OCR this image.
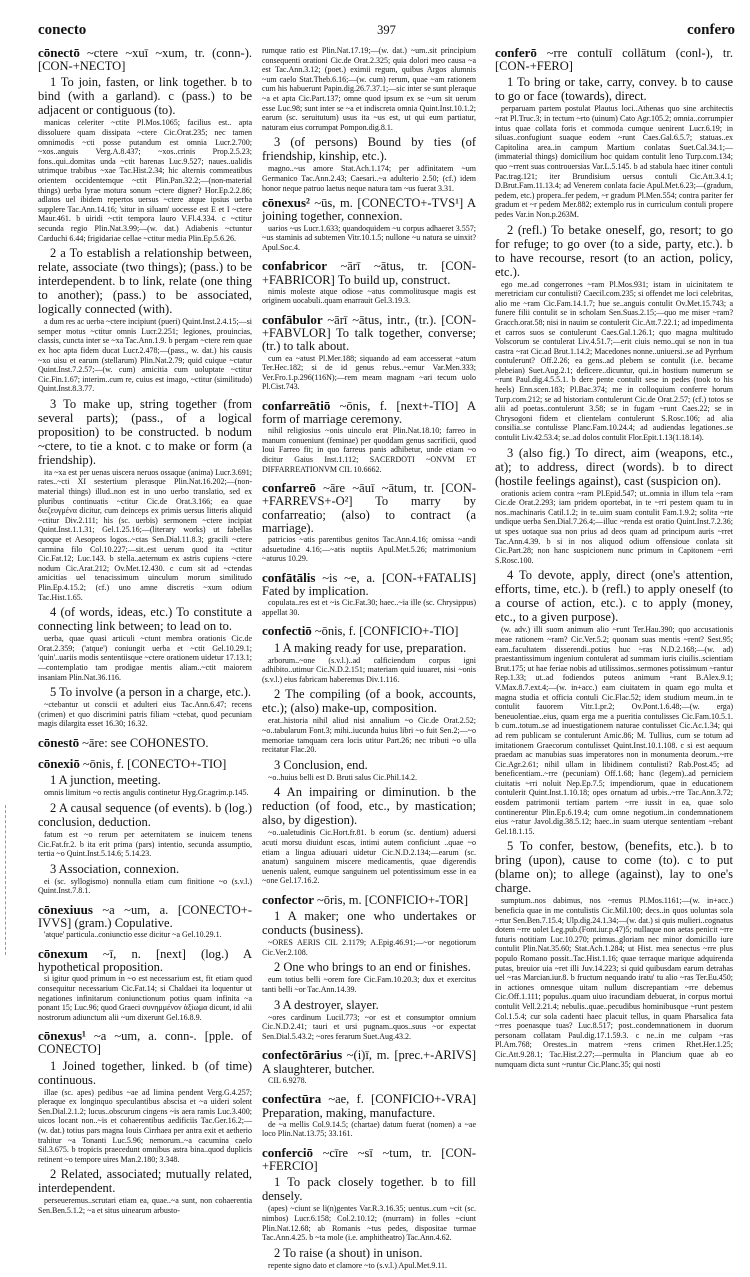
conecto	397	confero
cōnectō ~ctere ~xuī ~xum, tr. (conn-). [CON-+NECTO]
1 To join, fasten, or link together. b to bind (with a garland). c (pass.) to be adjacent or contiguous (to).
manicas celeriter ~ctite Pl.Mos.1065; facilius est.. apta dissoluere quam dissipata ~ctere Cic.Orat.235; nec tamen omnimodis ~cti posse putandum est omnia Lucr.2.700; ~xos..anguis Verg.A.8.437; ~xos..crinis Prop.2.5.23; fons..qui..domitas unda ~ctit harenas Luc.9.527; naues..ualidis utrimque trabibus ~xae Tac.Hist.2.34; hic alternis commeatibus orientem occidentemque ~ctit Plin.Pan.32.2;—(non-material things) uerba lyrae motura sonum ~ctere digner? Hor.Ep.2.2.86; adlatos uel ibidem repertos uersus ~ctere atque ipsius uerba supplere Tac.Ann.14.16; 'situr in siluam' uocesse est E et I ~ctere Maur.461. b uiridi ~ctit tempora lauro V.Fl.4.334. c ~ctitur secunda regio Plin.Nat.3.99;—(w. dat.) Adiabenis ~ctuntur Carduchi 6.44; frigidariae cellae ~ctitur media Plin.Ep.5.6.26.
2 a To establish a relationship between, relate, associate (two things); (pass.) to be interdependent. b to link, relate (one thing to another); (pass.) to be associated, logically connected (with).
a dum res ac uerba ~ctere incipiunt (pueri) Quint.Inst.2.4.15;—si semper motus ~ctitur omnis Lucr.2.251; legiones, prouincias, classis, cuncta inter se ~xa Tac.Ann.1.9. b pergam ~ctere rem quae ex hoc apta fidem ducat Lucr.2.478;—(pass., w. dat.) his causis ~xo uisu et earum (stellarum) Plin.Nat.2.79; quid cuique ~ctatur Quint.Inst.7.2.57;—(w. cum) amicitia cum uoluptate ~ctitur Cic.Fin.1.67; interim..cum re, cuius est imago, ~ctitur (similitudo) Quint.Inst.8.3.77.
3 To make up, string together (from several parts); (pass., of a logical proposition) to be constructed. b nodum ~ctere, to tie a knot. c to make or form (a friendship).
ita ~xa est per uenas uiscera neruos ossaque (anima) Lucr.3.691; rates..~cti XI sestertium plerasque Plin.Nat.16.202;—(non-material things) illud..non est in uno uerbo translatio, sed ex pluribus continuatis ~ctitur Cic.de Orat.3.166; ea quae διεζευγμένα dicitur, cum deinceps ex primis uersus litteris aliquid ~ctitur Div.2.111; his (sc. uerbis) sermonem ~ctere incipiat Quint.Inst.1.1.31; Gel.1.25.16;—(literary works) ut fabellas quoque et Aesopeos logos..~ctas Sen.Dial.11.8.3; gracili ~ctere carmina filo Col.10.227;—sit..est uerum quod ita ~ctitur Cic.Fat.12; Luc.143. b stella..aeternum ex astris cupiens ~ctere nodum Cic.Arat.212; Ov.Met.12.430. c cum sit ad ~ctendas amicitias uel tenacissimum uinculum morum similitudo Plin.Ep.4.15.2; (cf.) uno amne discretis ~xum odium Tac.Hist.1.65.
4 (of words, ideas, etc.) To constitute a connecting link between; to lead on to.
uerba, quae quasi articuli ~ctunt membra orationis Cic.de Orat.2.359; ('atque') coniungit uerba et ~ctit Gel.10.29.1; 'quin'..uariis modis sententiisque ~ctere orationem uidetur 17.13.1;—contemplatio tam prodigae mentis aliam..~ctit maiorem insaniam Plin.Nat.36.116.
5 To involve (a person in a charge, etc.).
~ctebantur ut conscii et adulteri eius Tac.Ann.6.47; recens (crimen) et quo discrimini patris filiam ~ctebat, quod pecuniam magis dilargita esset 16.30; 16.32.
cōnestō ~āre: see COHONESTO.
cōnexiō ~ōnis, f. [CONECTO+-TIO]
1 A junction, meeting.
omnis limitum ~o rectis angulis continetur Hyg.Gr.agrim.p.145.
2 A causal sequence (of events). b (log.) conclusion, deduction.
fatum est ~o rerum per aeternitatem se inuicem tenens Cic.Fat.fr.2. b ita erit prima (pars) intentio, secunda assumptio, tertia ~o Quint.Inst.5.14.6; 5.14.23.
3 Association, connexion.
ei (sc. syllogismo) nonnulla etiam cum finitione ~o (s.v.l.) Quint.Inst.7.8.1.
cōnexiuus ~a ~um, a. [CONECTO+-IVVS] (gram.) Copulative.
'atque' particula..coniunctio esse dicitur ~a Gel.10.29.1.
cōnexum ~ī, n. [next] (log.) A hypothetical proposition.
si igitur quod primum in ~o est necessarium est, fit etiam quod consequitur necessarium Cic.Fat.14; si Chaldaei ita loquentur ut negationes infinitarum coniunctionum potius quam infinita ~a ponant 15; Luc.96; quod Graeci συνημμένον ἀξίωμα dicunt, id alii nostrorum adiunctum alii ~um dixerunt Gel.16.8.9.
cōnexus¹ ~a ~um, a. conn-. [pple. of CONECTO]
1 Joined together, linked. b (of time) continuous.
illae (sc. apes) pedibus ~ae ad limina pendent Verg.G.4.257; pleraque ex longinquo speculantibus abscisa et ~a uideri solent Sen.Dial.2.1.2; lucus..obscurum cingens ~is aera ramis Luc.3.400; uicos locant non..~is et cohaerentibus aedificiis Tac.Ger.16.2;—(w. dat.) totius pars magna Iouis Cirrhaea per antra exit et aetherio trahitur ~a Tonanti Luc.5.96; nemorum..~a cacumina caelo Sil.3.675. b tropicis praecedunt omnibus astra bina..quod duplicis retinent ~o tempore uires Man.2.180; 3.348.
2 Related, associated; mutually related, interdependent.
perseueremus..scrutari etiam ea, quae..~a sunt, non cohaerentia Sen.Ben.5.1.2; ~a et situs uinearum arbusto-
rumque ratio est Plin.Nat.17.19;—(w. dat.) ~um..sit principium consequenti orationi Cic.de Orat.2.325; quia dolori meo causa ~a est Tac.Ann.3.12; (poet.) eximii regum, quibus Argos alumnis ~um caelo Stat.Theb.6.16;—(w. cum) rerum, quae ~am rationem cum his habuerunt Papin.dig.26.7.37.1;—sic inter se sunt pleraque ~a et apta Cic.Part.137; omne quod ipsum ex se ~um sit uerum esse Luc.98; sunt inter se ~a et indiscreta omnia Quint.Inst.10.1.2; earum (sc. seruitutum) usus ita ~us est, ut qui eum partiatur, naturam eius corrumpat Pompon.dig.8.1.
3 (of persons) Bound by ties (of friendship, kinship, etc.).
magno..~us amore Stat.Ach.1.174; per adfinitatem ~um Germanico Tac.Ann.2.43; Caesari..~a adulterio 2.50; (cf.) idem honor neque patruo laetus neque natura tam ~us fuerat 3.31.
cōnexus² ~ūs, m. [CONECTO+-TVS¹] A joining together, connexion.
uarios ~us Lucr.1.633; quandoquidem ~u corpus adhaeret 3.557; ~us staminis ad subtemen Vitr.10.1.5; nullone ~u natura se uinxit? Apul.Soc.4.
confabricor ~ārī ~ātus, tr. [CON-+FABRICOR] To build up, construct.
nimis moleste atque odiose ~atus commolitusque magis est originem uocabuli..quam enarrauit Gel.3.19.3.
confābulor ~ārī ~ātus, intr., (tr.). [CON-+FABVLOR] To talk together, converse; (tr.) to talk about.
cum ea ~atust Pl.Mer.188; siquando ad eam accesserat ~atum Ter.Hec.182; si de id genus rebus..~emur Var.Men.333; Ver.Fro.1.p.296(116N);—rem meam magnam ~ari tecum uolo Pl.Cist.743.
confarreātiō ~ōnis, f. [next+-TIO] A form of marriage ceremony.
nihil religiosius ~onis uinculo erat Plin.Nat.18.10; farreo in manum conueniunt (feminae) per quoddam genus sacrificii, quod Ioui Farreo fit; in quo farreus panis adhibetur, unde etiam ~o dicitur Gaius Inst.1.112; SACERDOTI ~ONVM ET DIFFARREATIONVM CIL 10.6662.
confarreō ~āre ~āuī ~ātum, tr. [CON-+FARREVS+-O²] To marry by confarreatio; (also) to contract (a marriage).
patricios ~atis parentibus genitos Tac.Ann.4.16; omissa ~andi adsuetudine 4.16;—~atis nuptiis Apul.Met.5.26; matrimonium ~aturus 10.29.
confātālis ~is ~e, a. [CON-+FATALIS] Fated by implication.
copulata..res est et ~is Cic.Fat.30; haec..~ia ille (sc. Chrysippus) appellat 30.
confectiō ~ōnis, f. [CONFICIO+-TIO]
1 A making ready for use, preparation.
arborum..~one (s.v.l.)..ad calficiendum corpus igni adhibito..utimur Cic.N.D.2.151; materiam quid iuuaret, nisi ~onis (s.v.l.) eius fabricam haberemus Div.1.116.
2 The compiling (of a book, accounts, etc.); (also) make-up, composition.
erat..historia nihil aliud nisi annalium ~o Cic.de Orat.2.52; ~o..tabularum Font.3; mihi..iucunda huius libri ~o fuit Sen.2;—~o memoriae tamquam cera locis utitur Part.26; nec tributi ~o ulla recitatur Flac.20.
3 Conclusion, end.
~o..huius belli est D. Bruti salus Cic.Phil.14.2.
4 An impairing or diminution. b the reduction (of food, etc., by mastication; also, by digestion).
~o..ualetudinis Cic.Hort.fr.81. b eorum (sc. dentium) aduersi acuti morsu diuidunt escas, intimi autem conficiunt ..quae ~o etiam a lingua adiuuari uidetur Cic.N.D.2.134;—earum (sc. anatum) sanguinem miscere medicamentis, quae digerendis uenenis ualent, eumque sanguinem uel potentissimum esse in ea ~one Gel.17.16.2.
confector ~ōris, m. [CONFICIO+-TOR]
1 A maker; one who undertakes or conducts (business).
~ORES AERIS CIL 2.1179; A.Epig.46.91;—~or negotiorum Cic.Ver.2.108.
2 One who brings to an end or finishes.
eum totius belli ~orem fore Cic.Fam.10.20.3; dux et exercitus tanti belli ~or Tac.Ann.14.39.
3 A destroyer, slayer.
~ores cardinum Lucil.773; ~or est et consumptor omnium Cic.N.D.2.41; tauri et ursi pugnam..quos..suus ~or expectat Sen.Dial.5.43.2; ~ores ferarum Suet.Aug.43.2.
confectōrārius ~(i)ī, m. [prec.+-ARIVS] A slaughterer, butcher.
CIL 6.9278.
confectūra ~ae, f. [CONFICIO+-VRA] Preparation, making, manufacture.
de ~a mellis Col.9.14.5; (chartae) datum fuerat (nomen) a ~ae loco Plin.Nat.13.75; 33.161.
conferciō ~cīre ~sī ~tum, tr. [CON-+FERCIO]
1 To pack closely together. b to fill densely.
(apes) ~ciunt se li(n)gentes Var.R.3.16.35; uentus..cum ~cit (sc. nimbos) Lucr.6.158; Col.2.10.12; (murram) in folles ~ciunt Plin.Nat.12.68; ab Romanis ~tus pedes, dispositae turmae Tac.Ann.4.25. b ~ta mole (i.e. amphitheatro) Tac.Ann.4.62.
2 To raise (a shout) in unison.
repente signo dato et clamore ~to (s.v.l.) Apul.Met.9.11.
conferō ~rre contulī collātum (conl-), tr. [CON-+FERO]
1 To bring or take, carry, convey. b to cause to go or face (towards), direct.
perparuam partem postulat Plautus loci..Athenas quo sine architectis ~rat Pl.Truc.3; in tectum ~rto (uinum) Cato Agr.105.2; omnia..corrumpier intus quae collata foris et commoda cumque uenirent Lucr.6.19; in siluas..confugiunt suaque eodem ~runt Caes.Gal.6.5.7; statuas..ex Capitolina area..in campum Martium conlatas Suet.Cal.34.1;—(immaterial things) domicilium hoc quidam contulit leno Turp.com.134; quo ~rrent suas controuersias Var.L.5.145. b ad stabula haec itiner contuli Pac.trag.121; iter Brundisium uersus contuli Cic.Att.3.4.1; D.Brut.Fam.11.13.4; ad Venerem conlata facie Apul.Met.6.23;—(gradum, pedem, etc.) propera..fer pedem, ~r gradum Pl.Men.554; contra pariter fer gradum et ~r pedem Mer.882; extemplo rus in curriculum contuli propere pedes Var.in Non.p.263M.
2 (refl.) To betake oneself, go, resort; to go for refuge; to go over (to a side, party, etc.). b to have recourse, resort (to an action, policy, etc.).
ego me..ad congerrones ~ram Pl.Mos.931; istam in uicinitatem te meretriciam cur contulisti? Caecil.com.235; si offendet me loci celebritas, alio me ~ram Cic.Fam.14.1.7; hue se..anguis contulit Ov.Met.15.743; a funere filii contulit se in scholam Sen.Suas.2.15;—quo me miser ~ram? Gracch.orat.58; nisi in nauim se contulerit Cic.Att.7.22.1; ad impedimenta et carros suos se contulerunt Caes.Gal.1.26.1; quo magna multitudo Volscorum se contulerat Liv.4.51.7;—erit ciuis nemo..qui se non in tua castra ~rat Cic.ad Brut.1.14.2; Macedones nonne..uniuersi..se ad Pyrrhum contulerunt? Off.2.26; ea gens..ad plebem se contulit (i.e. became plebeian) Suet.Aug.2.1; deficere..dicuntur, qui..in hostium numerum se ~runt Paul.dig.4.5.5.1. b dere pente contulit sese in pedes (took to his heels) Enn.scen.183; Pl.Bac.374; me in colloquium conferre horum Turp.com.212; se ad historiam contulerunt Cic.de Orat.2.57; (cf.) totos se alii ad poetas..contulerunt 3.58; se in fugam ~runt Caes.22; se in Chrysogoni fidem et clientelam contulerunt S.Rosc.106; ad alia consilia..se contulisse Planc.Fam.10.24.4; ad audiendas legationes..se contulit Liv.42.53.4; se..ad dolos contulit Flor.Epit.1.13(1.18.14).
3 (also fig.) To direct, aim (weapons, etc., at); to address, direct (words). b to direct (hostile feelings against), cast (suspicion on).
orationis aciem contra ~ram Pl.Epid.547; ut..omnia in illum tela ~ram Cic.de Orat.2.293; iam pridem oportebat, in te ~rri pestem quam tu in nos..machinaris Catil.1.2; in te..uim suam contulit Fam.1.9.2; solita ~rte undique uerba Sen.Dial.7.26.4;—illuc ~renda est oratio Quint.Inst.7.2.36; ut spes uotaque sua non prius ad deos quam ad principum auris ~rret Tac.Ann.4.39. b si in nos aliquod odium offensioue conlata sit Cic.Part.28; non hanc suspicionem nunc primum in Capitonem ~erri S.Rosc.100.
4 To devote, apply, direct (one's attention, efforts, time, etc.). b (refl.) to apply oneself (to a course of action, etc.). c to apply (money, etc., to a given purpose).
(w. adv.) illi suom animum alio ~runt Ter.Hau.390; quo accusationis meae rationem ~ram? Cic.Ver.5.2; quonam suas mentis ~rent? Sest.95; eam..facultatem disserendi..potius huc ~ras N.D.2.168;—(w. ad) praestantissimum ingenium contulerat ad summam iuris ciuilis..scientiam Brut.175; ut hae feriae nobis ad utilissimos..sermones potissimum ~rantur Rep.1.33; ut..ad fodiendos puteos animum ~rant B.Alex.9.1; V.Max.8.7.ext.4;—(w. in+acc.) eam ciuitatem in quam ego multa et magna studia et officia contuli Cic.Flac.52; idem studium meum..in te contulit fauorem Vitr.1.pr.2; Ov.Pont.1.6.48;—(w. erga) beneuolentiae..eius, quam erga me a pueritia contulisses Cic.Fam.10.5.1. b cum..totum..se ad inuestigationem naturae contulisset Cic.Ac.1.34; qui ad rem publicam se contulerunt Amic.86; M. Tullius, cum se totum ad imitationem Graecorum contulisset Quint.Inst.10.1.108. c si est aequum praedam ac manubias suas imperatores non in monumenta deorum..~rre Cic.Agr.2.61; nihil ullam in libidinem contulisti? Rab.Post.45; ad beneficentiam..~rre (pecuniam) Off.1.68; hanc (legem)..ad perniciem ciuitatis ~rri noluit Nep.Ep.7.5; impendiorum, quae in educationem contulerit Quint.Inst.1.10.18; opes ornatum ad urbis..~rre Tac.Ann.3.72; eosdem patrimonii tertiam partem ~rre iussit in ea, quae solo continerentur Plin.Ep.6.19.4; cum omne negotium..in condemnationem eius ~ratur Javol.dig.38.5.12; haec..in suam uterque sententiam ~rebant Gel.18.1.15.
5 To confer, bestow, (benefits, etc.). b to bring (upon), cause to come (to). c to put (blame on); to allege (against), lay to one's charge.
sumptum..nos dabimus, nos ~remus Pl.Mos.1161;—(w. in+acc.) beneficia quae in me contulistis Cic.Mil.100; decs..in quos uoluntas sola ~rtur Sen.Ben.7.15.4; Ulp.dig.24.1.34;—(w. dat.) si quis mulieri..cognatus dotem ~rre uolet Leg.pub.(Font.iur.p.47)5; nullaque non aetas penicit ~rre futuris notitiam Luc.10.270; primus..gloriam nec minor domicillo iure contulit Plin.Nat.35.60; Stat.Ach.1.284; ut Hist. mea senectus ~rre plus populo Romano possit..Tac.Hist.1.16; quae terraque marique adquirenda putas, breuior uia ~ret illi Juv.14.223; si quid quibusdam earum detrahas uel ~ras Marcian.iur.8. b fructum nequando iratu' tu alio ~ras Ter.Eu.450; in actiones omnesque uitam nullum discrepantiam ~rre debemus Cic.Off.1.111; populus..quam uiuo iracundiam debuerat, in corpus mortui contulit Vell.2.21.4; nebulis..quae..pecudibus hominibusque ~runt pestem Col.1.5.4; cur sola cadenti haec placuit tellus, in quam Pharsalica fata ~rres poenasque tuas? Luc.8.517; post..condemnationem in duorum personam collatam Paul.dig.17.1.59.3. c ne..in me culpam ~ras Pl.Am.768; Orestes..in matrem ~rens crimen Rhet.Her.1.25; Cic.Att.9.28.1; Tac.Hist.2.27;—permulta in Plancium quae ab eo numquam dicta sunt ~runtur Cic.Planc.35; qui nosti
